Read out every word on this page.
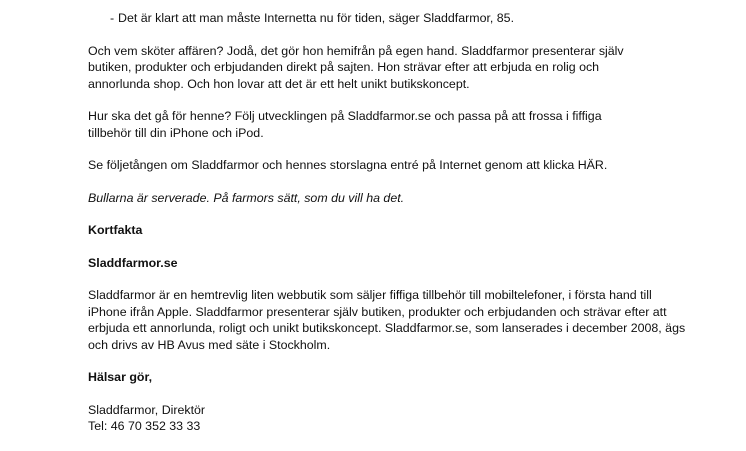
- Det är klart att man måste Internetta nu för tiden, säger Sladdfarmor, 85.

Och vem sköter affären? Jodå, det gör hon hemifrån på egen hand. Sladdfarmor presenterar själv
butiken, produkter och erbjudanden direkt på sajten. Hon strävar efter att erbjuda en rolig och
annorlunda shop. Och hon lovar att det är ett helt unikt butikskoncept.

Hur ska det gå för henne? Följ utvecklingen på Sladdfarmor.se och passa på att frossa i fiffiga
tillbehör till din iPhone och iPod.

Se följetången om Sladdfarmor och hennes storslagna entré på Internet genom att klicka HÄR.

Bullarna är serverade. På farmors sätt, som du vill ha det.

Kortfakta

Sladdfarmor.se

Sladdfarmor är en hemtrevlig liten webbutik som säljer fiffiga tillbehör till mobiltelefoner, i första hand till
iPhone ifrån Apple. Sladdfarmor presenterar själv butiken, produkter och erbjudanden och strävar efter att
erbjuda ett annorlunda, roligt och unikt butikskoncept. Sladdfarmor.se, som lanserades i december 2008, ägs
och drivs av HB Avus med säte i Stockholm.

Hälsar gör,

Sladdfarmor, Direktör
Tel: 46 70 352 33 33
